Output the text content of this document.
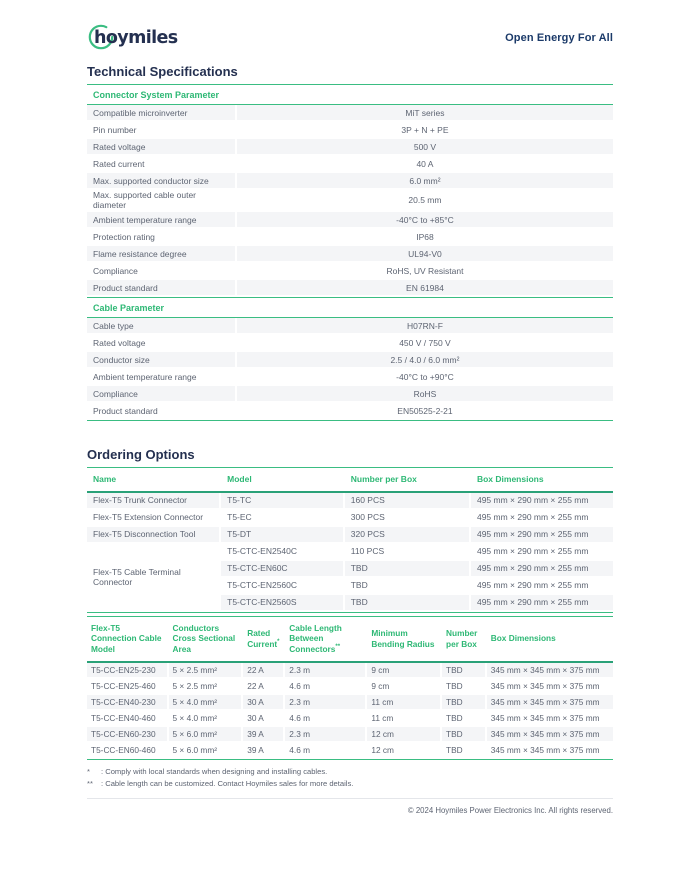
hoymiles	Open Energy For All
Technical Specifications
Connector System Parameter
Compatible microinverter	MiT series
Pin number	3P + N + PE
Rated voltage	500 V
Rated current	40 A
Max. supported conductor size	6.0 mm²
Max. supported cable outer diameter	20.5 mm
Ambient temperature range	-40°C to +85°C
Protection rating	IP68
Flame resistance degree	UL94-V0
Compliance	RoHS, UV Resistant
Product standard	EN 61984
Cable Parameter
Cable type	H07RN-F
Rated voltage	450 V / 750 V
Conductor size	2.5 / 4.0 / 6.0 mm²
Ambient temperature range	-40°C to +90°C
Compliance	RoHS
Product standard	EN50525-2-21
Ordering Options
Name	Model	Number per Box	Box Dimensions
Flex-T5 Trunk Connector	T5-TC	160 PCS	495 mm × 290 mm × 255 mm
Flex-T5 Extension Connector	T5-EC	300 PCS	495 mm × 290 mm × 255 mm
Flex-T5 Disconnection Tool	T5-DT	320 PCS	495 mm × 290 mm × 255 mm
Flex-T5 Cable Terminal Connector	T5-CTC-EN2540C	110 PCS	495 mm × 290 mm × 255 mm
	T5-CTC-EN60C	TBD	495 mm × 290 mm × 255 mm
	T5-CTC-EN2560C	TBD	495 mm × 290 mm × 255 mm
	T5-CTC-EN2560S	TBD	495 mm × 290 mm × 255 mm
Flex-T5 Connection Cable Model	Conductors Cross Sectional Area	Rated Current*	Cable Length Between Connectors**	Minimum Bending Radius	Number per Box	Box Dimensions
T5-CC-EN25-230	5 × 2.5 mm²	22 A	2.3 m	9 cm	TBD	345 mm × 345 mm × 375 mm
T5-CC-EN25-460	5 × 2.5 mm²	22 A	4.6 m	9 cm	TBD	345 mm × 345 mm × 375 mm
T5-CC-EN40-230	5 × 4.0 mm²	30 A	2.3 m	11 cm	TBD	345 mm × 345 mm × 375 mm
T5-CC-EN40-460	5 × 4.0 mm²	30 A	4.6 m	11 cm	TBD	345 mm × 345 mm × 375 mm
T5-CC-EN60-230	5 × 6.0 mm²	39 A	2.3 m	12 cm	TBD	345 mm × 345 mm × 375 mm
T5-CC-EN60-460	5 × 6.0 mm²	39 A	4.6 m	12 cm	TBD	345 mm × 345 mm × 375 mm
*	: Comply with local standards when designing and installing cables.
**	: Cable length can be customized. Contact Hoymiles sales for more details.
© 2024 Hoymiles Power Electronics Inc. All rights reserved.
